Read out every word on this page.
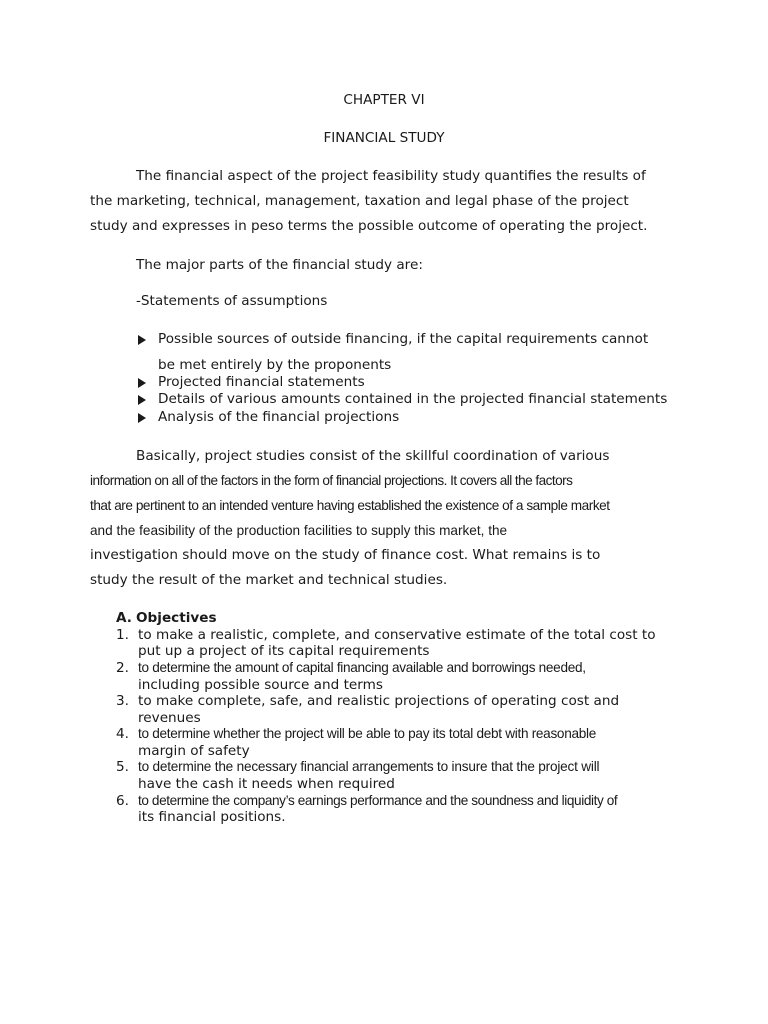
CHAPTER VI

FINANCIAL STUDY

The financial aspect of the project feasibility study quantifies the results of

the marketing, technical, management, taxation and legal phase of the project

study and expresses in peso terms the possible outcome of operating the project.

The major parts of the financial study are:

-Statements of assumptions

Possible sources of outside financing, if the capital requirements cannot

be met entirely by the proponents

Projected financial statements

Details of various amounts contained in the projected financial statements

Analysis of the financial projections

Basically, project studies consist of the skillful coordination of various

information on all of the factors in the form of financial projections. It covers all the factors

that are pertinent to an intended venture having established the existence of a sample market

and the feasibility of the production facilities to supply this market, the

investigation should move on the study of finance cost. What remains is to

study the result of the market and technical studies.

A. Objectives

1. to make a realistic, complete, and conservative estimate of the total cost to

put up a project of its capital requirements

2. to determine the amount of capital financing available and borrowings needed,

including possible source and terms

3. to make complete, safe, and realistic projections of operating cost and

revenues

4. to determine whether the project will be able to pay its total debt with reasonable

margin of safety

5. to determine the necessary financial arrangements to insure that the project will

have the cash it needs when required

6. to determine the company’s earnings performance and the soundness and liquidity of

its financial positions.
